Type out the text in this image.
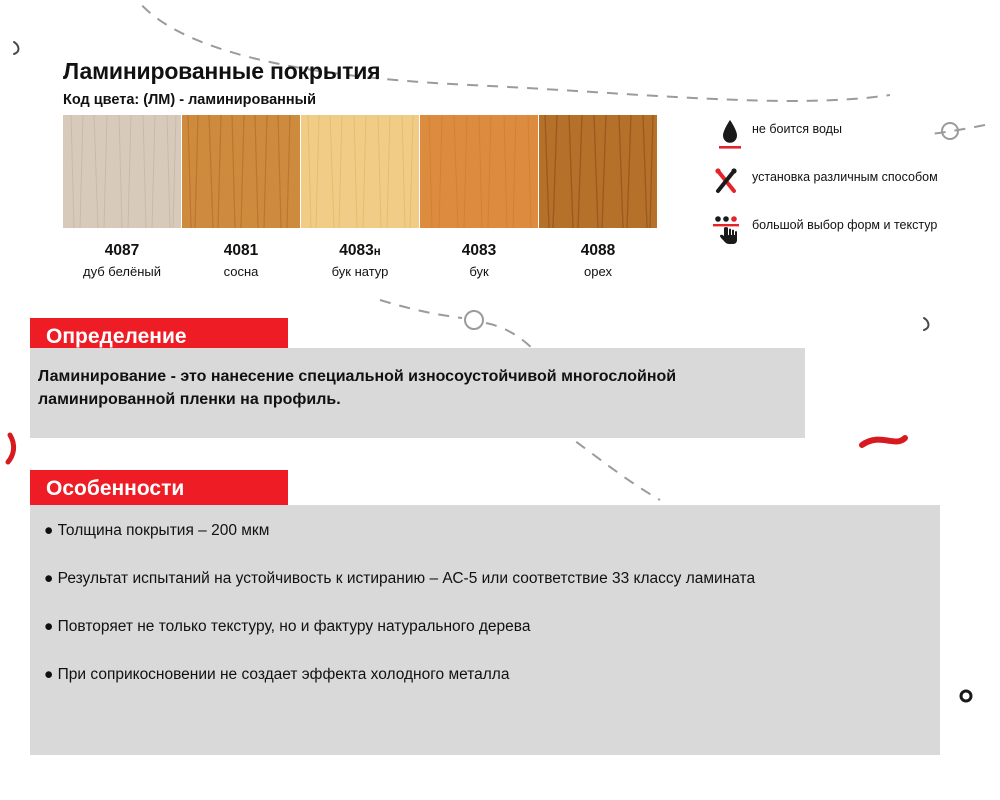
Ламинированные покрытия
Код цвета: (ЛМ) - ламинированный
4087
дуб белёный
4081
сосна
4083н
бук натур
4083
бук
4088
орех
не боится воды
установка различным способом
большой выбор форм и текстур
Определение
Ламинирование - это нанесение специальной износоустойчивой многослойной ламинированной пленки на профиль.
Особенности
● Толщина покрытия – 200 мкм
● Результат испытаний на устойчивость к истиранию – АС-5 или соответствие 33 классу ламината
● Повторяет не только текстуру, но и фактуру натурального дерева
● При соприкосновении не создает эффекта холодного металла
